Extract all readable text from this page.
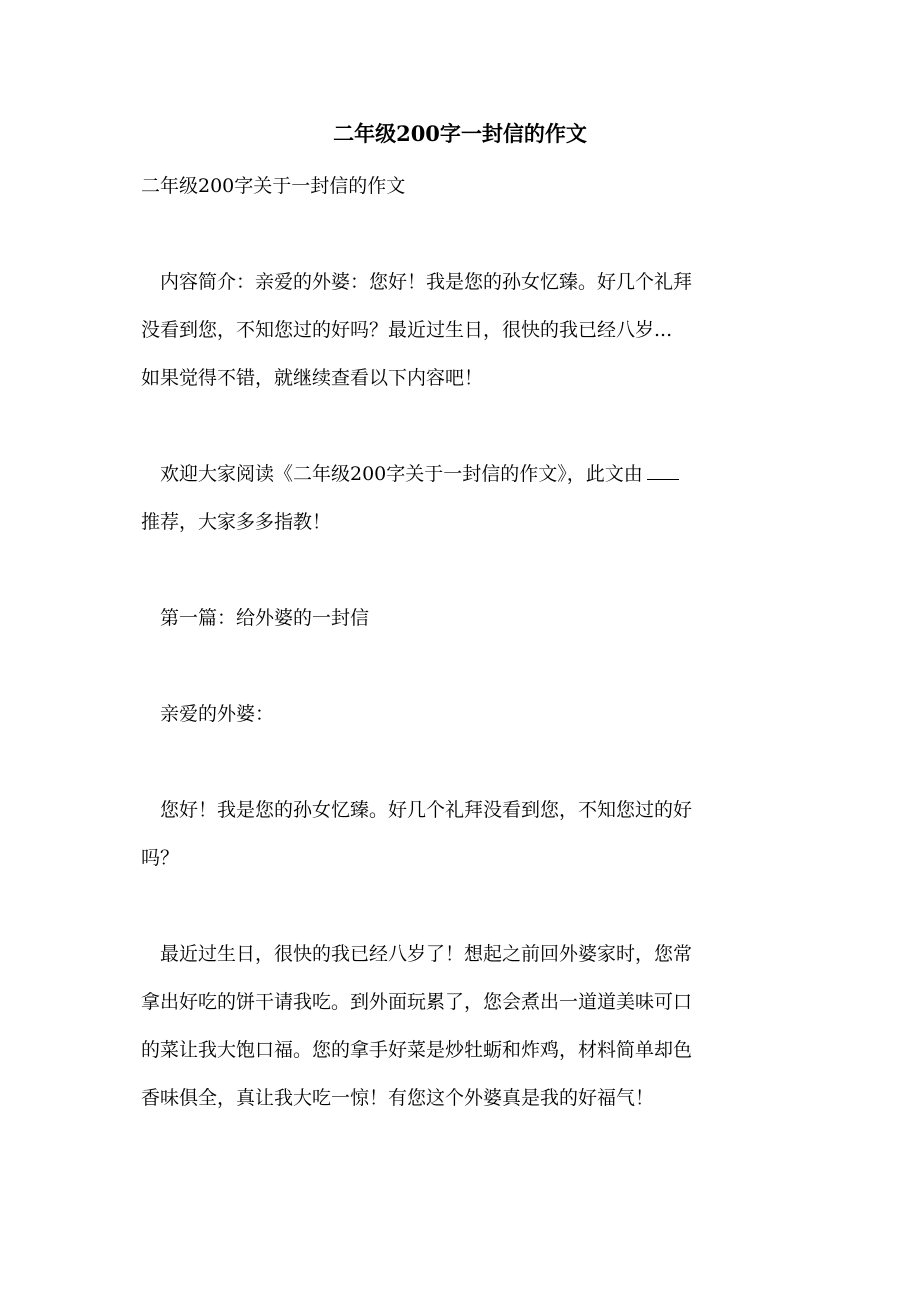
二年级200字一封信的作文
二年级200字关于一封信的作文
　内容简介：亲爱的外婆：您好！我是您的孙女忆臻。好几个礼拜
没看到您，不知您过的好吗？最近过生日，很快的我已经八岁...
如果觉得不错，就继续查看以下内容吧！
　欢迎大家阅读《二年级200字关于一封信的作文》，此文由
推荐，大家多多指教！
　第一篇：给外婆的一封信
　亲爱的外婆：
　您好！我是您的孙女忆臻。好几个礼拜没看到您，不知您过的好
吗？
　最近过生日，很快的我已经八岁了！想起之前回外婆家时，您常
拿出好吃的饼干请我吃。到外面玩累了，您会煮出一道道美味可口
的菜让我大饱口福。您的拿手好菜是炒牡蛎和炸鸡，材料简单却色
香味俱全，真让我大吃一惊！有您这个外婆真是我的好福气！
